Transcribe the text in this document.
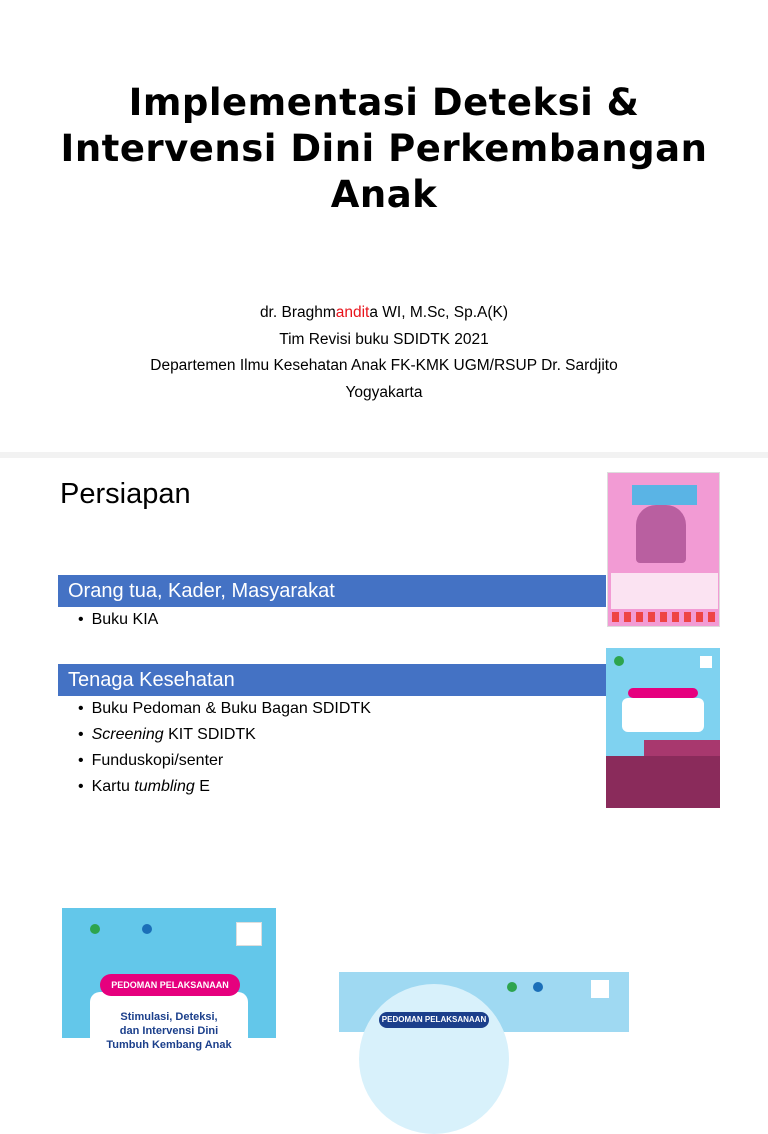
Implementasi Deteksi &
Intervensi Dini Perkembangan
Anak
dr. Braghmandita WI, M.Sc, Sp.A(K)
Tim Revisi buku SDIDTK 2021
Departemen Ilmu Kesehatan Anak FK-KMK UGM/RSUP Dr. Sardjito
Yogyakarta
Persiapan
Orang tua, Kader, Masyarakat
• Buku KIA
Tenaga Kesehatan
• Buku Pedoman & Buku Bagan SDIDTK
• Screening KIT SDIDTK
• Funduskopi/senter
• Kartu tumbling E
Stimulasi, Deteksi,
dan Intervensi Dini
Tumbuh Kembang Anak
PEDOMAN PELAKSANAAN
PEDOMAN PELAKSANAAN
